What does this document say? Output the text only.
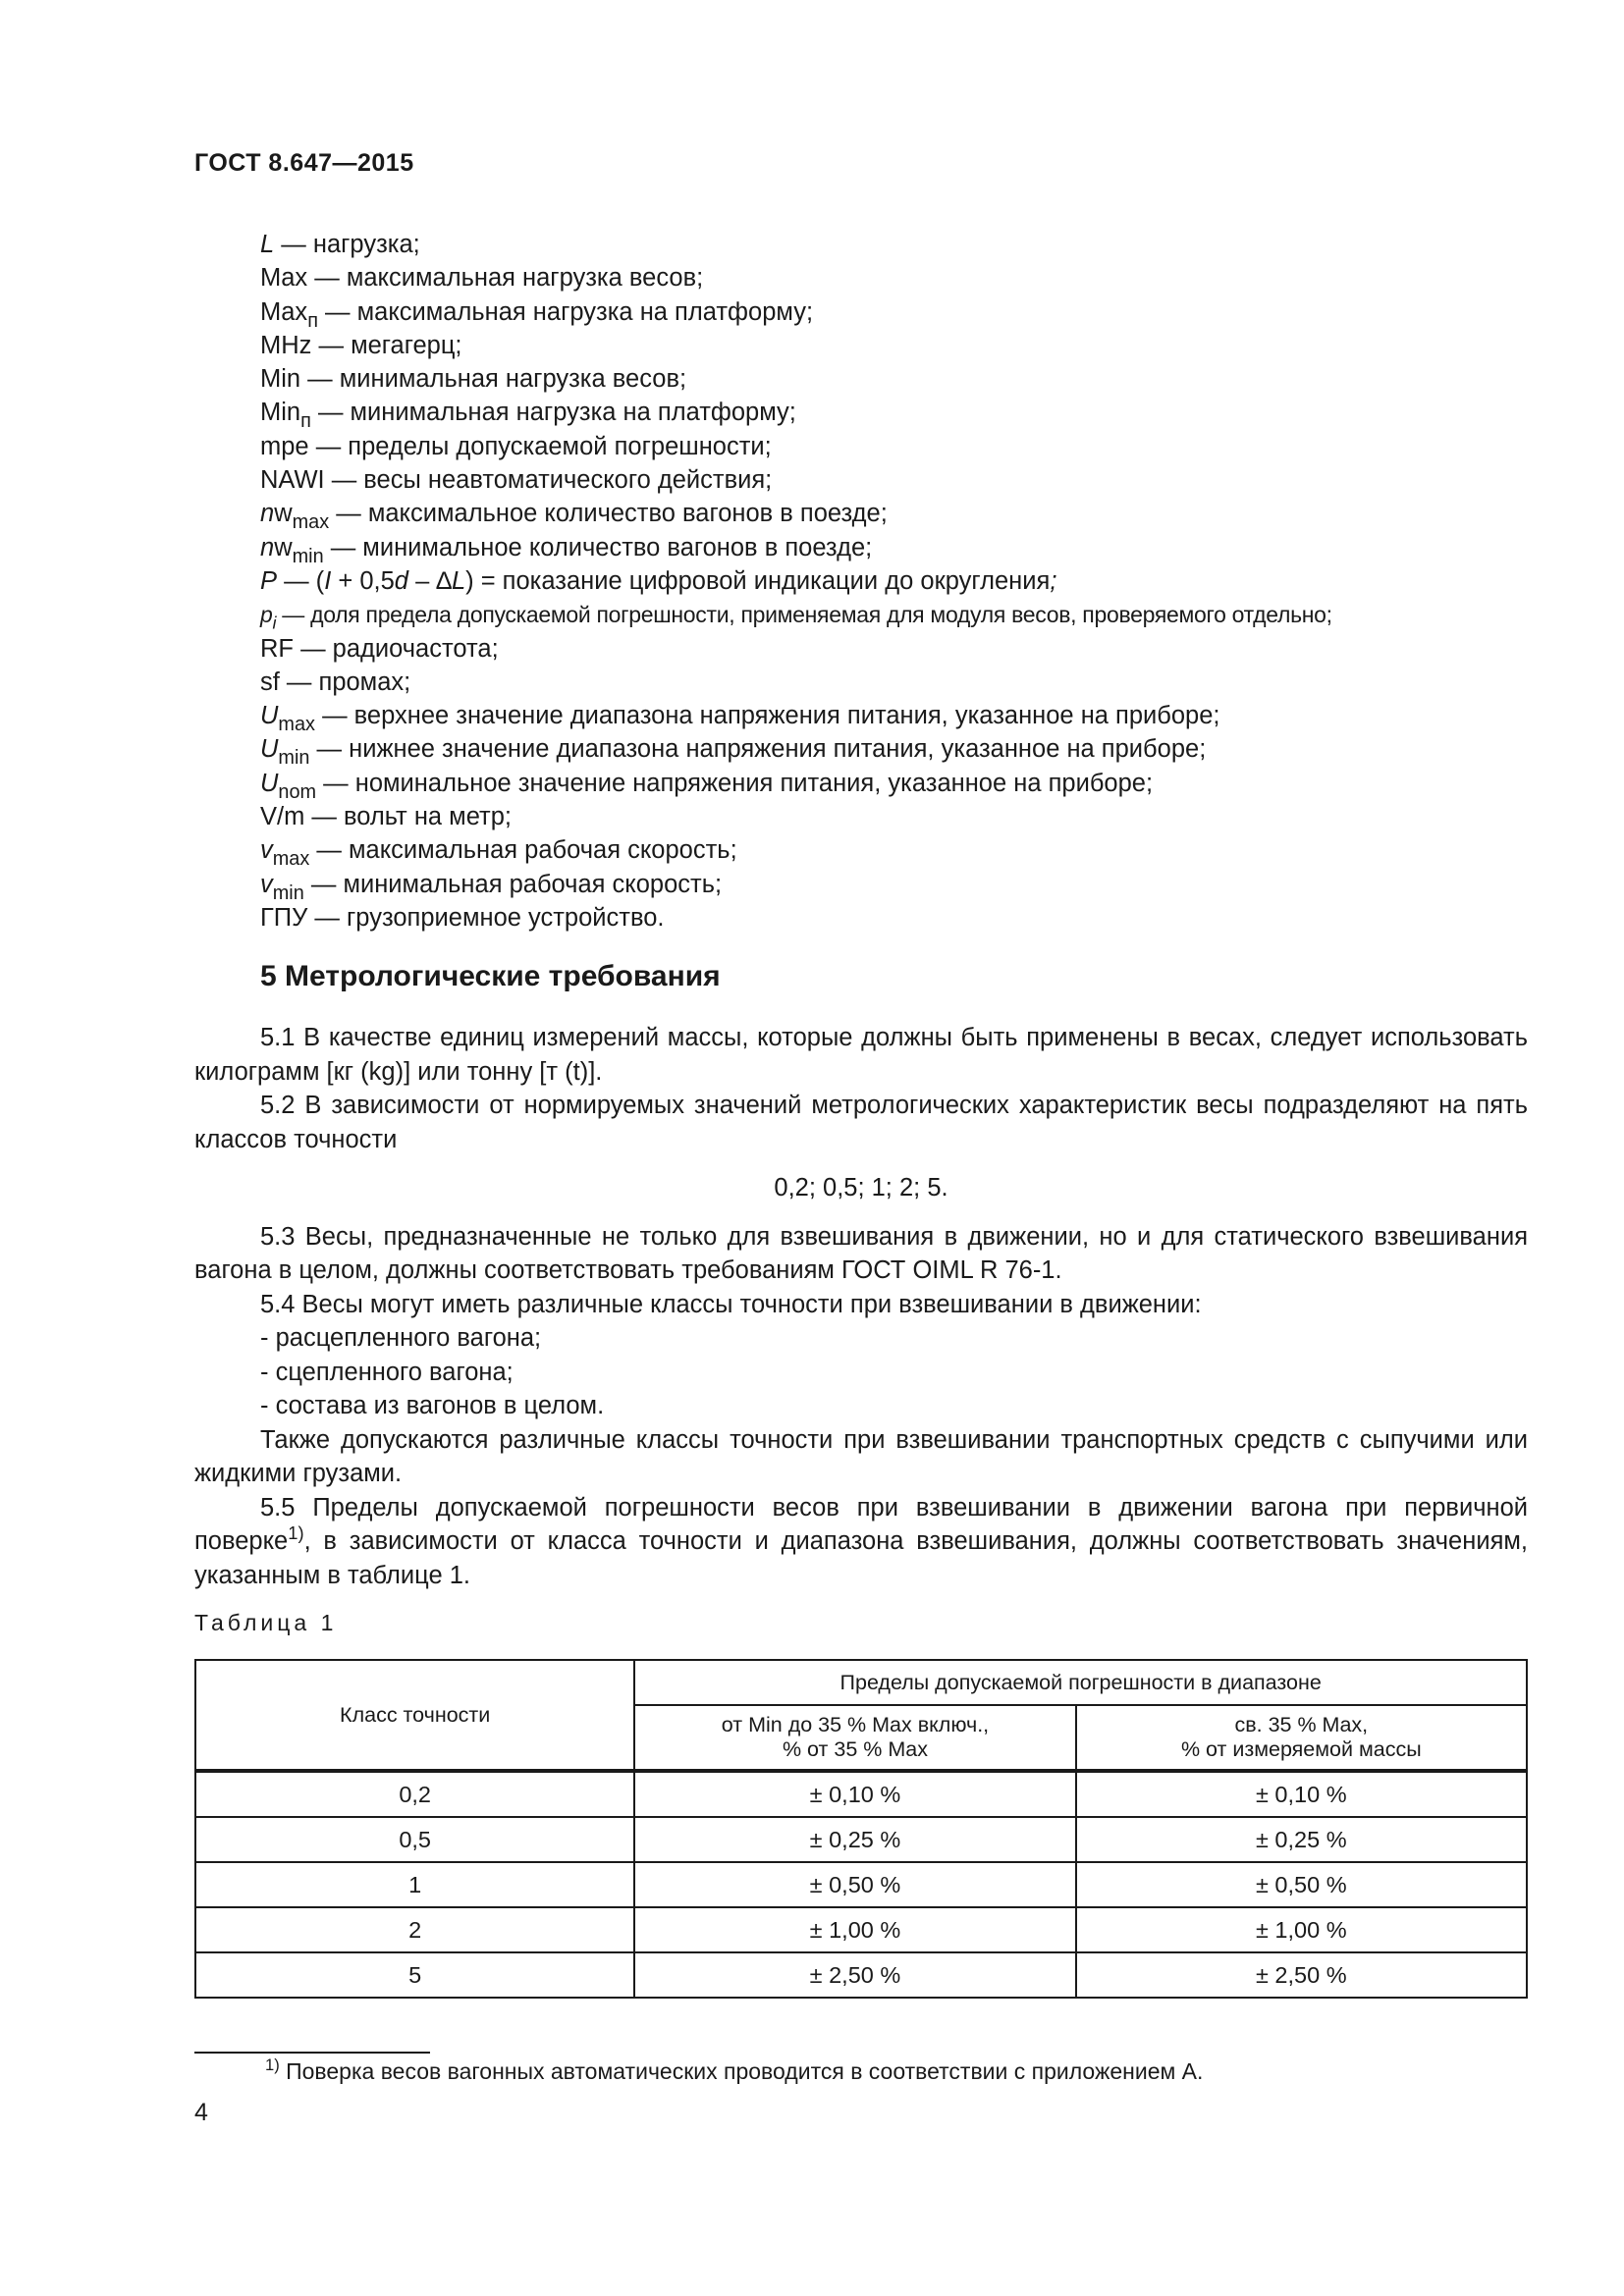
ГОСТ 8.647—2015
L — нагрузка;
Max — максимальная нагрузка весов;
Max$_п$ — максимальная нагрузка на платформу;
MHz — мегагерц;
Min — минимальная нагрузка весов;
Min$_п$ — минимальная нагрузка на платформу;
mpe — пределы допускаемой погрешности;
NAWI — весы неавтоматического действия;
$nw_{max}$ — максимальное количество вагонов в поезде;
$nw_{min}$ — минимальное количество вагонов в поезде;
P — (I + 0,5d – ∆L) = показание цифровой индикации до округления;
$p_i$ — доля предела допускаемой погрешности, применяемая для модуля весов, проверяемого отдельно;
RF — радиочастота;
sf — промах;
$U_{max}$ — верхнее значение диапазона напряжения питания, указанное на приборе;
$U_{min}$ — нижнее значение диапазона напряжения питания, указанное на приборе;
$U_{nom}$ — номинальное значение напряжения питания, указанное на приборе;
V/m — вольт на метр;
$v_{max}$ — максимальная рабочая скорость;
$v_{min}$ — минимальная рабочая скорость;
ГПУ — грузоприемное устройство.
5 Метрологические требования

5.1 В качестве единиц измерений массы, которые должны быть применены в весах, следует использовать килограмм [кг (kg)] или тонну [т (t)].

5.2 В зависимости от нормируемых значений метрологических характеристик весы подразделяют на пять классов точности

0,2; 0,5; 1; 2; 5.

5.3 Весы, предназначенные не только для взвешивания в движении, но и для статического взвешивания вагона в целом, должны соответствовать требованиям ГОСТ OIML R 76-1.

5.4 Весы могут иметь различные классы точности при взвешивании в движении:

- расцепленного вагона;

- сцепленного вагона;

- состава из вагонов в целом.

Также допускаются различные классы точности при взвешивании транспортных средств с сыпучими или жидкими грузами.

5.5 Пределы допускаемой погрешности весов при взвешивании в движении вагона при первичной поверке$^{1)}$, в зависимости от класса точности и диапазона взвешивания, должны соответствовать значениям, указанным в таблице 1.

Таблица 1
Класс точности	Пределы допускаемой погрешности в диапазоне	
	от Min до 35 % Max включ.,
% от 35 % Max	св. 35 % Max,
% от измеряемой массы
0,2	± 0,10 %	± 0,10 %
0,5	± 0,25 %	± 0,25 %
1	± 0,50 %	± 0,50 %
2	± 1,00 %	± 1,00 %
5	± 2,50 %	± 2,50 %
$^{1)}$ Поверка весов вагонных автоматических проводится в соответствии с приложением А.
4
